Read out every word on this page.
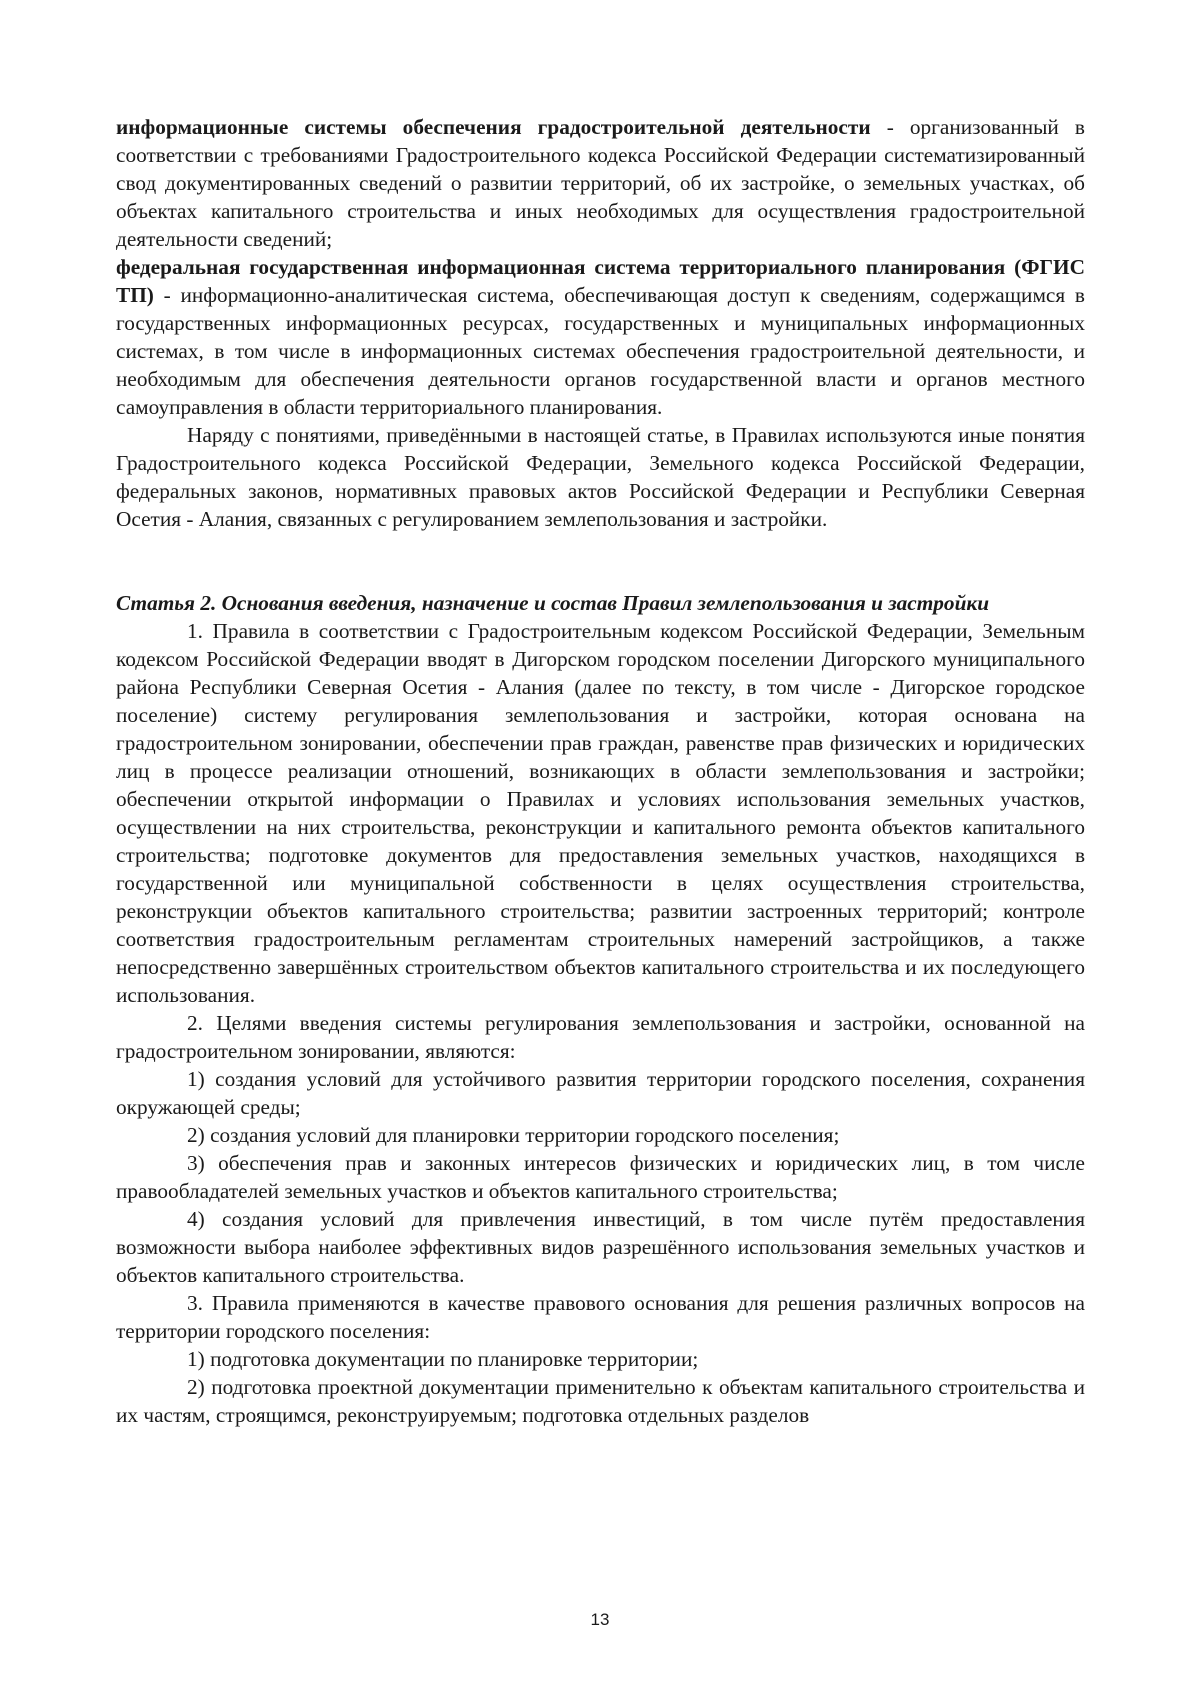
информационные системы обеспечения градостроительной деятельности - организованный в соответствии с требованиями Градостроительного кодекса Российской Федерации систематизированный свод документированных сведений о развитии территорий, об их застройке, о земельных участках, об объектах капитального строительства и иных необходимых для осуществления градостроительной деятельности сведений;

федеральная государственная информационная система территориального планирования (ФГИС ТП) - информационно-аналитическая система, обеспечивающая доступ к сведениям, содержащимся в государственных информационных ресурсах, государственных и муниципальных информационных системах, в том числе в информационных системах обеспечения градостроительной деятельности, и необходимым для обеспечения деятельности органов государственной власти и органов местного самоуправления в области территориального планирования.

Наряду с понятиями, приведёнными в настоящей статье, в Правилах используются иные понятия Градостроительного кодекса Российской Федерации, Земельного кодекса Российской Федерации, федеральных законов, нормативных правовых актов Российской Федерации и Республики Северная Осетия - Алания, связанных с регулированием землепользования и застройки.

Статья 2. Основания введения, назначение и состав Правил землепользования и застройки

1. Правила в соответствии с Градостроительным кодексом Российской Федерации, Земельным кодексом Российской Федерации вводят в Дигорском городском поселении Дигорского муниципального района Республики Северная Осетия - Алания (далее по тексту, в том числе - Дигорское городское поселение) систему регулирования землепользования и застройки, которая основана на градостроительном зонировании, обеспечении прав граждан, равенстве прав физических и юридических лиц в процессе реализации отношений, возникающих в области землепользования и застройки; обеспечении открытой информации о Правилах и условиях использования земельных участков, осуществлении на них строительства, реконструкции и капитального ремонта объектов капитального строительства; подготовке документов для предоставления земельных участков, находящихся в государственной или муниципальной собственности в целях осуществления строительства, реконструкции объектов капитального строительства; развитии застроенных территорий; контроле соответствия градостроительным регламентам строительных намерений застройщиков, а также непосредственно завершённых строительством объектов капитального строительства и их последующего использования.

2. Целями введения системы регулирования землепользования и застройки, основанной на градостроительном зонировании, являются:

1) создания условий для устойчивого развития территории городского поселения, сохранения окружающей среды;

2) создания условий для планировки территории городского поселения;

3) обеспечения прав и законных интересов физических и юридических лиц, в том числе правообладателей земельных участков и объектов капитального строительства;

4) создания условий для привлечения инвестиций, в том числе путём предоставления возможности выбора наиболее эффективных видов разрешённого использования земельных участков и объектов капитального строительства.

3. Правила применяются в качестве правового основания для решения различных вопросов на территории городского поселения:

1) подготовка документации по планировке территории;

2) подготовка проектной документации применительно к объектам капитального строительства и их частям, строящимся, реконструируемым; подготовка отдельных разделов

13
